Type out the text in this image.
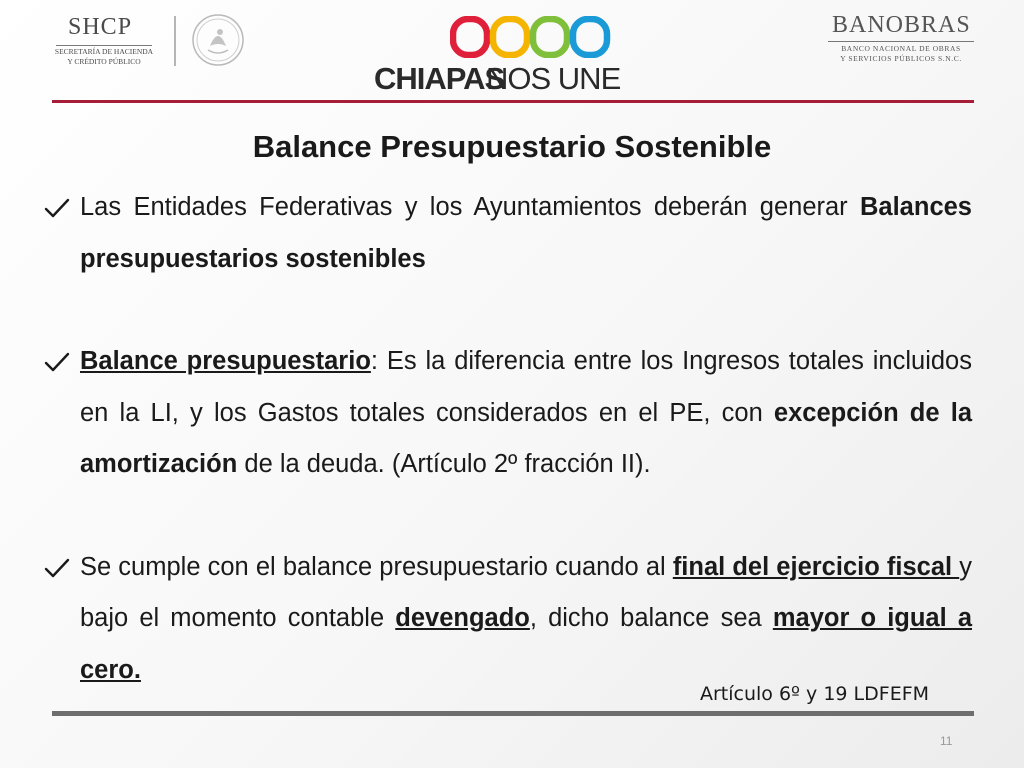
SHCP
SECRETARÍA DE HACIENDA
Y CRÉDITO PÚBLICO	CHIAPAS
NOS UNE
BANOBRAS
BANCO NACIONAL DE OBRAS
Y SERVICIOS PÚBLICOS S.N.C.
Balance Presupuestario Sostenible
Las Entidades Federativas y los Ayuntamientos deberán generar Balances presupuestarios sostenibles
Balance presupuestario: Es la diferencia entre los Ingresos totales incluidos en la LI, y los Gastos totales considerados en el PE, con excepción de la amortización de la deuda. (Artículo 2º fracción II).
Se cumple con el balance presupuestario cuando al final del ejercicio fiscal y bajo el momento contable devengado, dicho balance sea mayor o igual a cero.
Artículo 6º y 19 LDFEFM
11
